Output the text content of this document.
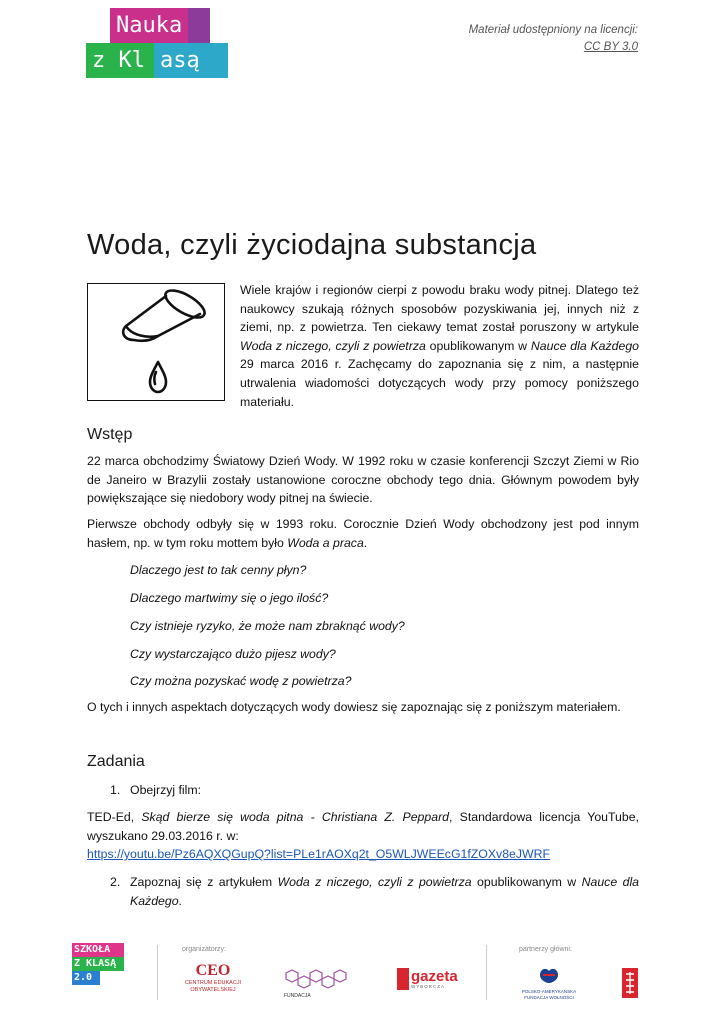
Nauka
z Kl asą 2.0
Materiał udostępniony na licencji:
CC BY 3.0
Woda, czyli życiodajna substancja
Wiele krajów i regionów cierpi z powodu braku wody pitnej. Dlatego też naukowcy szukają różnych sposobów pozyskiwania jej, innych niż z ziemi, np. z powietrza. Ten ciekawy temat został poruszony w artykule Woda z niczego, czyli z powietrza opublikowanym w Nauce dla Każdego 29 marca 2016 r. Zachęcamy do zapoznania się z nim, a następnie utrwalenia wiadomości dotyczących wody przy pomocy poniższego materiału.
Wstęp
22 marca obchodzimy Światowy Dzień Wody. W 1992 roku w czasie konferencji Szczyt Ziemi w Rio de Janeiro w Brazylii zostały ustanowione coroczne obchody tego dnia. Głównym powodem były powiększające się niedobory wody pitnej na świecie.
Pierwsze obchody odbyły się w 1993 roku. Corocznie Dzień Wody obchodzony jest pod innym hasłem, np. w tym roku mottem było Woda a praca.
Dlaczego jest to tak cenny płyn?
Dlaczego martwimy się o jego ilość?
Czy istnieje ryzyko, że może nam zbraknąć wody?
Czy wystarczająco dużo pijesz wody?
Czy można pozyskać wodę z powietrza?
O tych i innych aspektach dotyczących wody dowiesz się zapoznając się z poniższym materiałem.
Zadania
1. Obejrzyj film:
TED-Ed, Skąd bierze się woda pitna - Christiana Z. Peppard, Standardowa licencja YouTube, wyszukano 29.03.2016 r. w:
https://youtu.be/Pz6AQXQGupQ?list=PLe1rAOXq2t_O5WLJWEEcG1fZOXv8eJWRF
2. Zapoznaj się z artykułem Woda z niczego, czyli z powietrza opublikowanym w Nauce dla Każdego.
SZKOŁA
Z KLASĄ
2.0
organizatorzy:
CEO
CENTRUM EDUKACJI OBYWATELSKIEJ
FUNDACJA
gazeta
WYBORCZA
partnerzy główni:
POLSKO-AMERYKAŃSKA FUNDACJA WOLNOŚCI
